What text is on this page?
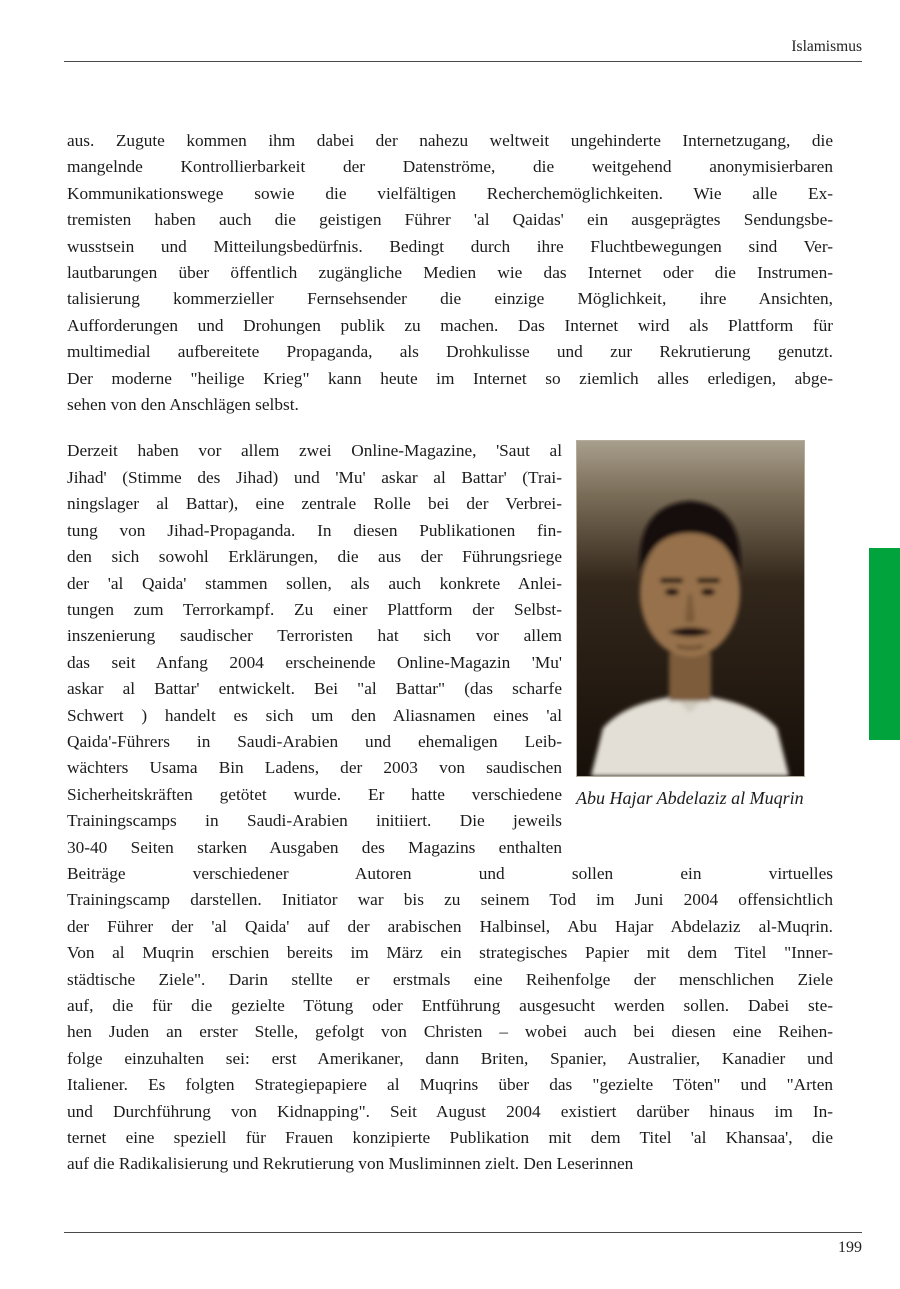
Islamismus
aus. Zugute kommen ihm dabei der nahezu weltweit ungehinderte Internetzugang, die
mangelnde Kontrollierbarkeit der Datenströme, die weitgehend anonymisierbaren
Kommunikationswege sowie die vielfältigen Recherchemöglichkeiten. Wie alle Ex-
tremisten haben auch die geistigen Führer 'al Qaidas' ein ausgeprägtes Sendungsbe-
wusstsein und Mitteilungsbedürfnis. Bedingt durch ihre Fluchtbewegungen sind Ver-
lautbarungen über öffentlich zugängliche Medien wie das Internet oder die Instrumen-
talisierung kommerzieller Fernsehsender die einzige Möglichkeit, ihre Ansichten,
Aufforderungen und Drohungen publik zu machen. Das Internet wird als Plattform für
multimedial aufbereitete Propaganda, als Drohkulisse und zur Rekrutierung genutzt.
Der moderne "heilige Krieg" kann heute im Internet so ziemlich alles erledigen, abge-
sehen von den Anschlägen selbst.
Abu Hajar Abdelaziz al Muqrin
Derzeit haben vor allem zwei Online-Magazine, 'Saut al
Jihad' (Stimme des Jihad) und 'Mu' askar al Battar' (Trai-
ningslager al Battar), eine zentrale Rolle bei der Verbrei-
tung von Jihad-Propaganda. In diesen Publikationen fin-
den sich sowohl Erklärungen, die aus der Führungsriege
der 'al Qaida' stammen sollen, als auch konkrete Anlei-
tungen zum Terrorkampf. Zu einer Plattform der Selbst-
inszenierung saudischer Terroristen hat sich vor allem
das seit Anfang 2004 erscheinende Online-Magazin 'Mu'
askar al Battar' entwickelt. Bei "al Battar" (das scharfe
Schwert ) handelt es sich um den Aliasnamen eines 'al
Qaida'-Führers in Saudi-Arabien und ehemaligen Leib-
wächters Usama Bin Ladens, der 2003 von saudischen
Sicherheitskräften getötet wurde. Er hatte verschiedene
Trainingscamps in Saudi-Arabien initiiert. Die jeweils
30-40 Seiten starken Ausgaben des Magazins enthalten
Beiträge verschiedener Autoren und sollen ein virtuelles
Trainingscamp darstellen. Initiator war bis zu seinem Tod im Juni 2004 offensichtlich
der Führer der 'al Qaida' auf der arabischen Halbinsel, Abu Hajar Abdelaziz al-Muqrin.
Von al Muqrin erschien bereits im März ein strategisches Papier mit dem Titel "Inner-
städtische Ziele". Darin stellte er erstmals eine Reihenfolge der menschlichen Ziele
auf, die für die gezielte Tötung oder Entführung ausgesucht werden sollen. Dabei ste-
hen Juden an erster Stelle, gefolgt von Christen – wobei auch bei diesen eine Reihen-
folge einzuhalten sei: erst Amerikaner, dann Briten, Spanier, Australier, Kanadier und
Italiener. Es folgten Strategiepapiere al Muqrins über das "gezielte Töten" und "Arten
und Durchführung von Kidnapping". Seit August 2004 existiert darüber hinaus im In-
ternet eine speziell für Frauen konzipierte Publikation mit dem Titel 'al Khansaa', die
auf die Radikalisierung und Rekrutierung von Musliminnen zielt. Den Leserinnen
199
